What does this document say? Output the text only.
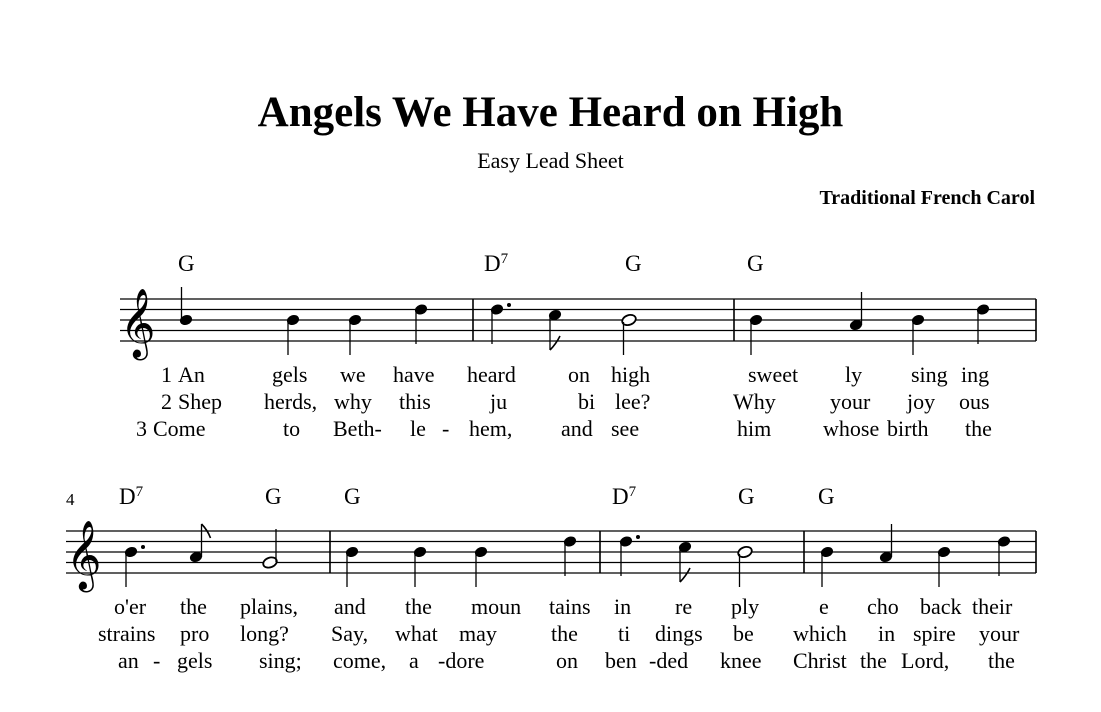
Angels We Have Heard on High
Easy Lead Sheet
Traditional French Carol
𝄞
G	$D^7$	G	G
1 An	gels we have heard on high	sweet ly sing ing
2 Shep herds, why this	ju	bi lee?	Why your joy ous
3 Come	to Beth- le - hem, and see	him whose birth the
𝄞
4 $D^7$	G	G	$D^7$	G	G
o'er the plains, and the moun tains in re ply	e cho back their
strains pro long? Say, what may the ti dings be which in spire your
an - gels sing; come, a -dore	on ben -ded knee Christ the Lord, the
